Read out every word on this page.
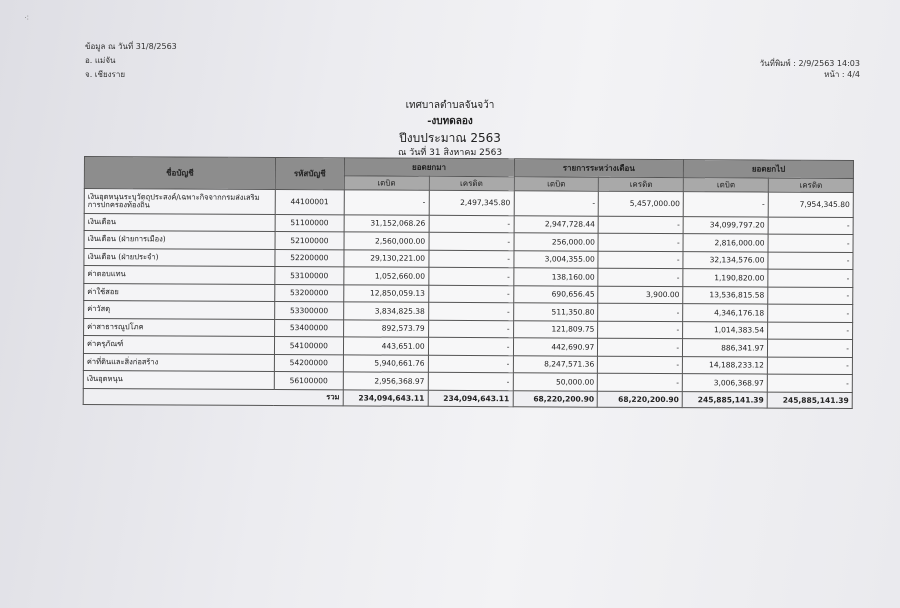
⁖
ข้อมูล ณ วันที่ 31/8/2563
อ. แม่จัน
จ. เชียงราย
วันที่พิมพ์ : 2/9/2563 14:03
หน้า : 4/4
เทศบาลตำบลจันจว้า
-งบทดลอง
ปีงบประมาณ 2563
ณ วันที่ 31 สิงหาคม 2563
ชื่อบัญชี	รหัสบัญชี	ยอดยกมา		รายการระหว่างเดือน		ยอดยกไป	
		เดบิต	เครดิต	เดบิต	เครดิต	เดบิต	เครดิต
เงินอุดหนุนระบุวัตถุประสงค์/เฉพาะกิจจากกรมส่งเสริมการปกครองท้องถิ่น	44100001	-	2,497,345.80	-	5,457,000.00	-	7,954,345.80
เงินเดือน	51100000	31,152,068.26	-	2,947,728.44	-	34,099,797.20	-
เงินเดือน (ฝ่ายการเมือง)	52100000	2,560,000.00	-	256,000.00	-	2,816,000.00	-
เงินเดือน (ฝ่ายประจำ)	52200000	29,130,221.00	-	3,004,355.00	-	32,134,576.00	-
ค่าตอบแทน	53100000	1,052,660.00	-	138,160.00	-	1,190,820.00	-
ค่าใช้สอย	53200000	12,850,059.13	-	690,656.45	3,900.00	13,536,815.58	-
ค่าวัสดุ	53300000	3,834,825.38	-	511,350.80	-	4,346,176.18	-
ค่าสาธารณูปโภค	53400000	892,573.79	-	121,809.75	-	1,014,383.54	-
ค่าครุภัณฑ์	54100000	443,651.00	-	442,690.97	-	886,341.97	-
ค่าที่ดินและสิ่งก่อสร้าง	54200000	5,940,661.76	-	8,247,571.36	-	14,188,233.12	-
เงินอุดหนุน	56100000	2,956,368.97	-	50,000.00	-	3,006,368.97	-
รวม		234,094,643.11	234,094,643.11	68,220,200.90	68,220,200.90	245,885,141.39	245,885,141.39
